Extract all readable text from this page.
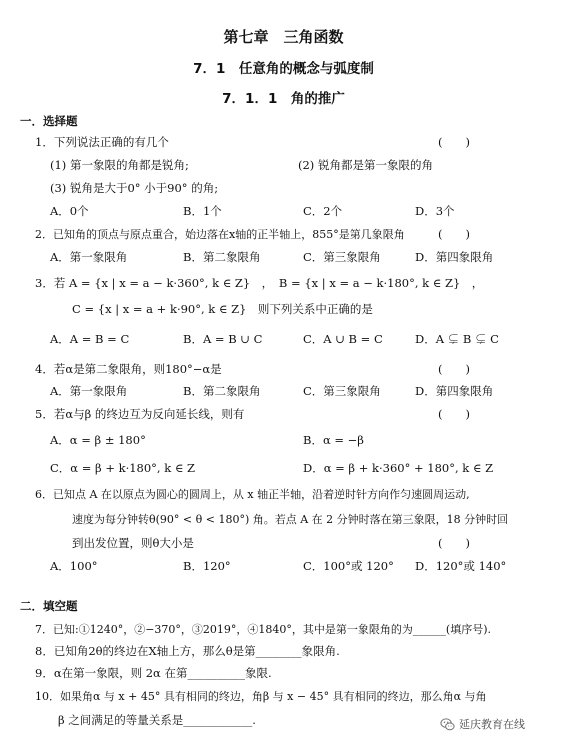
第七章　三角函数
7．1　任意角的概念与弧度制
7．1．1　角的推广
一．选择题
1．下列说法正确的有几个	(　　)
(1) 第一象限的角都是锐角;	(2) 锐角都是第一象限的角
(3) 锐角是大于0° 小于90° 的角;
A．0个	B．1个	C．2个	D．3个
2．已知角的顶点与原点重合，始边落在x轴的正半轴上，855°是第几象限角	(　　)
A．第一象限角	B．第二象限角	C．第三象限角	D．第四象限角
3．若 A = {x | x = a − k·360°, k ∈ Z}　，　B = {x | x = a − k·180°, k ∈ Z}　，
C = {x | x = a + k·90°, k ∈ Z}　则下列关系中正确的是
A．A = B = C	B．A = B ∪ C	C．A ∪ B = C	D．A ⊊ B ⊊ C
4．若α是第二象限角，则180°−α是	(　　)
A．第一象限角	B．第二象限角	C．第三象限角	D．第四象限角
5．若α与β 的终边互为反向延长线，则有	(　　)
A．α = β ± 180°	B．α = −β
C．α = β + k·180°, k ∈ Z	D．α = β + k·360° + 180°, k ∈ Z
6．已知点 A 在以原点为圆心的圆周上，从 x 轴正半轴，沿着逆时针方向作匀速圆周运动,
速度为每分钟转θ(90° < θ < 180°) 角。若点 A 在 2 分钟时落在第三象限，18 分钟时回
到出发位置，则θ大小是	(　　)
A．100°	B．120°	C．100°或 120° D．120°或 140°
二．填空题
7．已知:①1240°，②−370°，③2019°，④1840°，其中是第一象限角的为______(填序号).
8．已知角2θ的终边在X轴上方，那么θ是第________象限角.
9．α在第一象限，则 2α 在第__________象限.
10．如果角α 与 x + 45° 具有相同的终边，角β 与 x − 45° 具有相同的终边，那么角α 与角
β 之间满足的等量关系是____________.	延庆教育在线
